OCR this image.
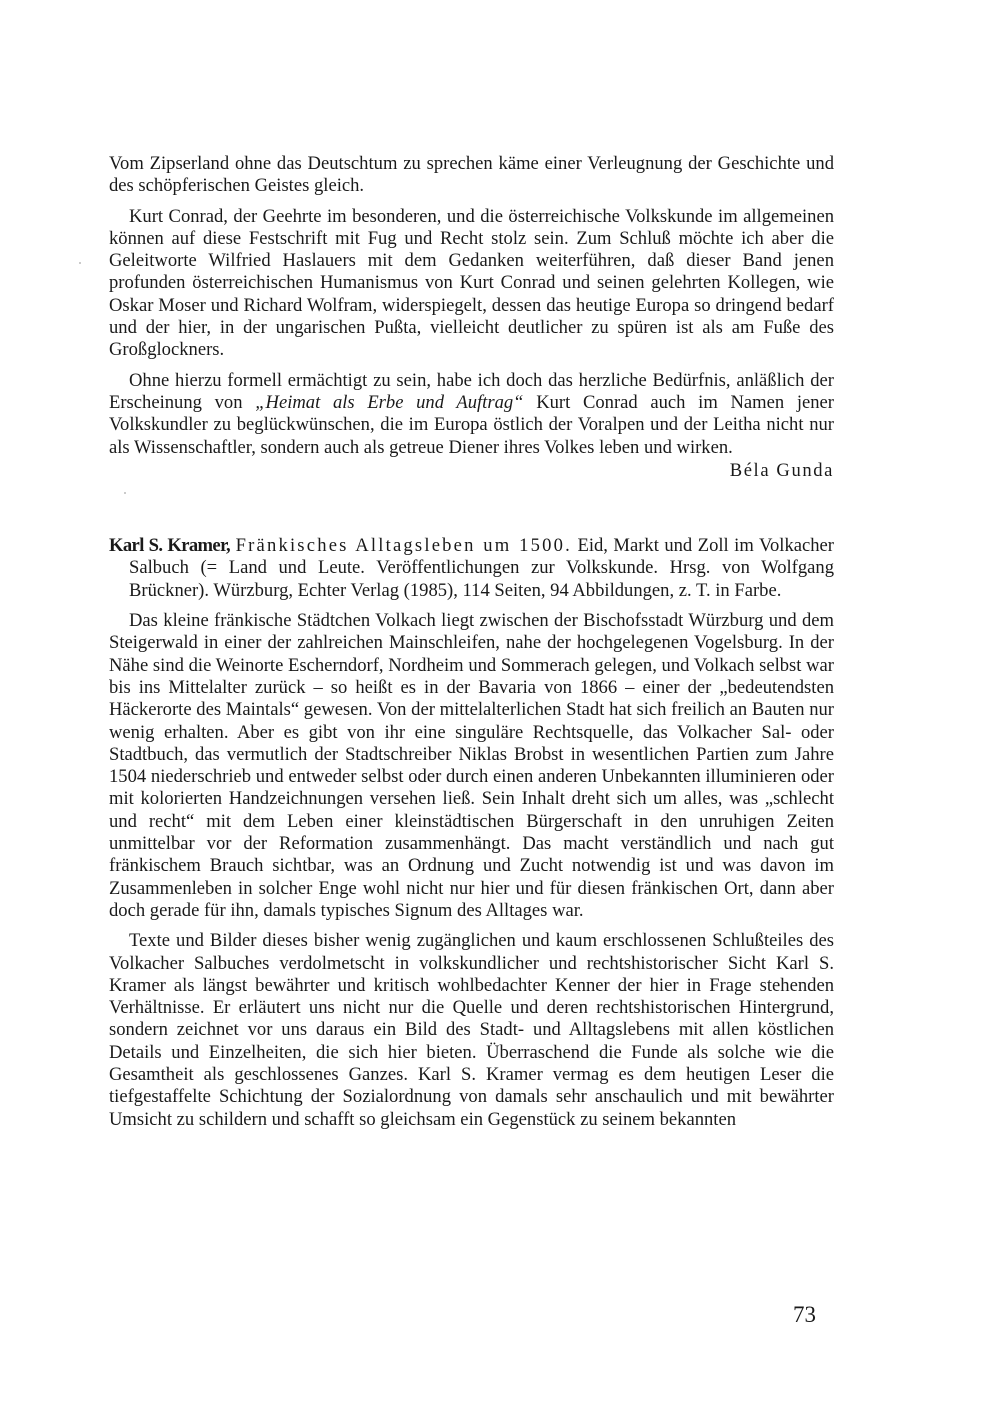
Vom Zipserland ohne das Deutschtum zu sprechen käme einer Verleugnung der Geschichte und des schöpferischen Geistes gleich.

Kurt Conrad, der Geehrte im besonderen, und die österreichische Volkskunde im allgemeinen können auf diese Festschrift mit Fug und Recht stolz sein. Zum Schluß möchte ich aber die Geleitworte Wilfried Haslauers mit dem Gedanken weiterführen, daß dieser Band jenen profunden österreichischen Humanismus von Kurt Conrad und seinen gelehrten Kollegen, wie Oskar Moser und Richard Wolfram, widerspiegelt, dessen das heutige Europa so dringend bedarf und der hier, in der ungarischen Pußta, vielleicht deutlicher zu spüren ist als am Fuße des Großglockners.

Ohne hierzu formell ermächtigt zu sein, habe ich doch das herzliche Bedürfnis, anläßlich der Erscheinung von „Heimat als Erbe und Auftrag“ Kurt Conrad auch im Namen jener Volkskundler zu beglückwünschen, die im Europa östlich der Voralpen und der Leitha nicht nur als Wissenschaftler, sondern auch als getreue Diener ihres Volkes leben und wirken.

Béla Gunda

Karl S. Kramer, Fränkisches Alltagsleben um 1500. Eid, Markt und Zoll im Volkacher Salbuch (= Land und Leute. Veröffentlichungen zur Volkskunde. Hrsg. von Wolfgang Brückner). Würzburg, Echter Verlag (1985), 114 Seiten, 94 Abbildungen, z. T. in Farbe.

Das kleine fränkische Städtchen Volkach liegt zwischen der Bischofsstadt Würzburg und dem Steigerwald in einer der zahlreichen Mainschleifen, nahe der hochgelegenen Vogelsburg. In der Nähe sind die Weinorte Escherndorf, Nordheim und Sommerach gelegen, und Volkach selbst war bis ins Mittelalter zurück – so heißt es in der Bavaria von 1866 – einer der „bedeutendsten Häckerorte des Maintals“ gewesen. Von der mittelalterlichen Stadt hat sich freilich an Bauten nur wenig erhalten. Aber es gibt von ihr eine singuläre Rechtsquelle, das Volkacher Sal- oder Stadtbuch, das vermutlich der Stadtschreiber Niklas Brobst in wesentlichen Partien zum Jahre 1504 niederschrieb und entweder selbst oder durch einen anderen Unbekannten illuminieren oder mit kolorierten Handzeichnungen versehen ließ. Sein Inhalt dreht sich um alles, was „schlecht und recht“ mit dem Leben einer kleinstädtischen Bürgerschaft in den unruhigen Zeiten unmittelbar vor der Reformation zusammenhängt. Das macht verständlich und nach gut fränkischem Brauch sichtbar, was an Ordnung und Zucht notwendig ist und was davon im Zusammenleben in solcher Enge wohl nicht nur hier und für diesen fränkischen Ort, dann aber doch gerade für ihn, damals typisches Signum des Alltages war.

Texte und Bilder dieses bisher wenig zugänglichen und kaum erschlossenen Schlußteiles des Volkacher Salbuches verdolmetscht in volkskundlicher und rechtshistorischer Sicht Karl S. Kramer als längst bewährter und kritisch wohlbedachter Kenner der hier in Frage stehenden Verhältnisse. Er erläutert uns nicht nur die Quelle und deren rechtshistorischen Hintergrund, sondern zeichnet vor uns daraus ein Bild des Stadt- und Alltagslebens mit allen köstlichen Details und Einzelheiten, die sich hier bieten. Überraschend die Funde als solche wie die Gesamtheit als geschlossenes Ganzes. Karl S. Kramer vermag es dem heutigen Leser die tiefgestaffelte Schichtung der Sozialordnung von damals sehr anschaulich und mit bewährter Umsicht zu schildern und schafft so gleichsam ein Gegenstück zu seinem bekannten

73
